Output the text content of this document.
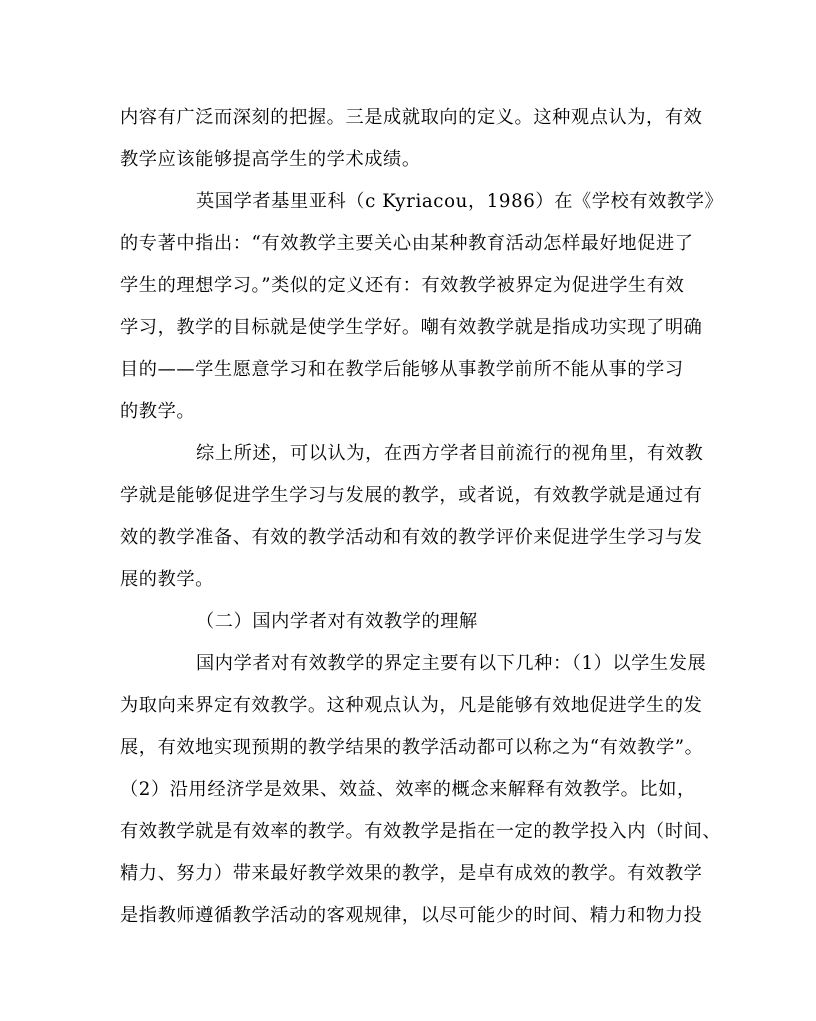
内容有广泛而深刻的把握。三是成就取向的定义。这种观点认为，有效
教学应该能够提高学生的学术成绩。
英国学者基里亚科（c Kyriacou，1986）在《学校有效教学》
的专著中指出：“有效教学主要关心由某种教育活动怎样最好地促进了
学生的理想学习。”类似的定义还有：有效教学被界定为促进学生有效
学习，教学的目标就是使学生学好。嘲有效教学就是指成功实现了明确
目的——学生愿意学习和在教学后能够从事教学前所不能从事的学习
的教学。
综上所述，可以认为，在西方学者目前流行的视角里，有效教
学就是能够促进学生学习与发展的教学，或者说，有效教学就是通过有
效的教学准备、有效的教学活动和有效的教学评价来促进学生学习与发
展的教学。
（二）国内学者对有效教学的理解
国内学者对有效教学的界定主要有以下几种：（1）以学生发展
为取向来界定有效教学。这种观点认为，凡是能够有效地促进学生的发
展，有效地实现预期的教学结果的教学活动都可以称之为“有效教学”。
（2）沿用经济学是效果、效益、效率的概念来解释有效教学。比如，
有效教学就是有效率的教学。有效教学是指在一定的教学投入内（时间、
精力、努力）带来最好教学效果的教学，是卓有成效的教学。有效教学
是指教师遵循教学活动的客观规律，以尽可能少的时间、精力和物力投
